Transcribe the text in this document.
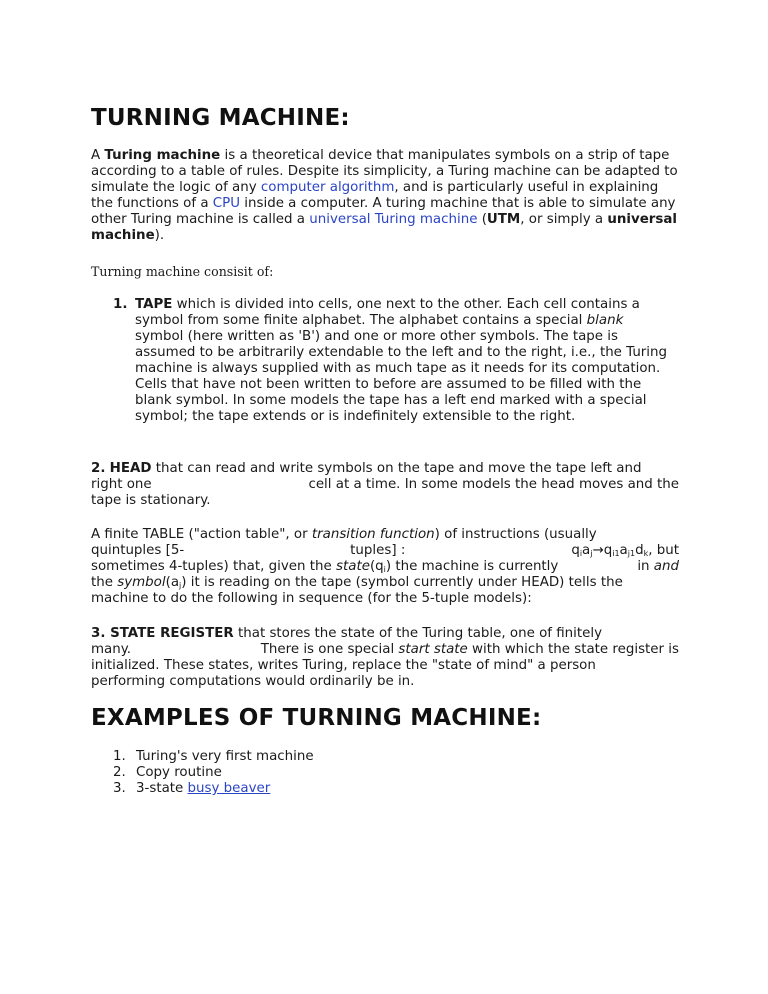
TURNING MACHINE:

A Turing machine is a theoretical device that manipulates symbols on a strip of tape according to a table of rules. Despite its simplicity, a Turing machine can be adapted to simulate the logic of any computer algorithm, and is particularly useful in explaining the functions of a CPU inside a computer. A turing machine that is able to simulate any other Turing machine is called a universal Turing machine (UTM, or simply a universal machine).

Turning machine consisit of:

1. TAPE which is divided into cells, one next to the other. Each cell contains a symbol from some finite alphabet. The alphabet contains a special blank symbol (here written as 'B') and one or more other symbols. The tape is assumed to be arbitrarily extendable to the left and to the right, i.e., the Turing machine is always supplied with as much tape as it needs for its computation. Cells that have not been written to before are assumed to be filled with the blank symbol. In some models the tape has a left end marked with a special symbol; the tape extends or is indefinitely extensible to the right.
2. HEAD that can read and write symbols on the tape and move the tape left and
right one	cell at a time. In some models the head moves and the
tape is stationary.
A finite TABLE ("action table", or transition function) of instructions (usually
quintuples [5-	tuples] :	$q_ia_j\to q_{i1}a_{j1}d_k$, but
sometimes 4-tuples) that, given the $state(q_i)$ the machine is currently	in and
the $symbol(a_j)$ it is reading on the tape (symbol currently under HEAD) tells the
machine to do the following in sequence (for the 5-tuple models):
3. STATE REGISTER that stores the state of the Turing table, one of finitely
many.	There is one special start state with which the state register is
initialized. These states, writes Turing, replace the "state of mind" a person
performing computations would ordinarily be in.
EXAMPLES OF TURNING MACHINE:
1. Turing's very first machine
2. Copy routine
3. 3-state busy beaver
